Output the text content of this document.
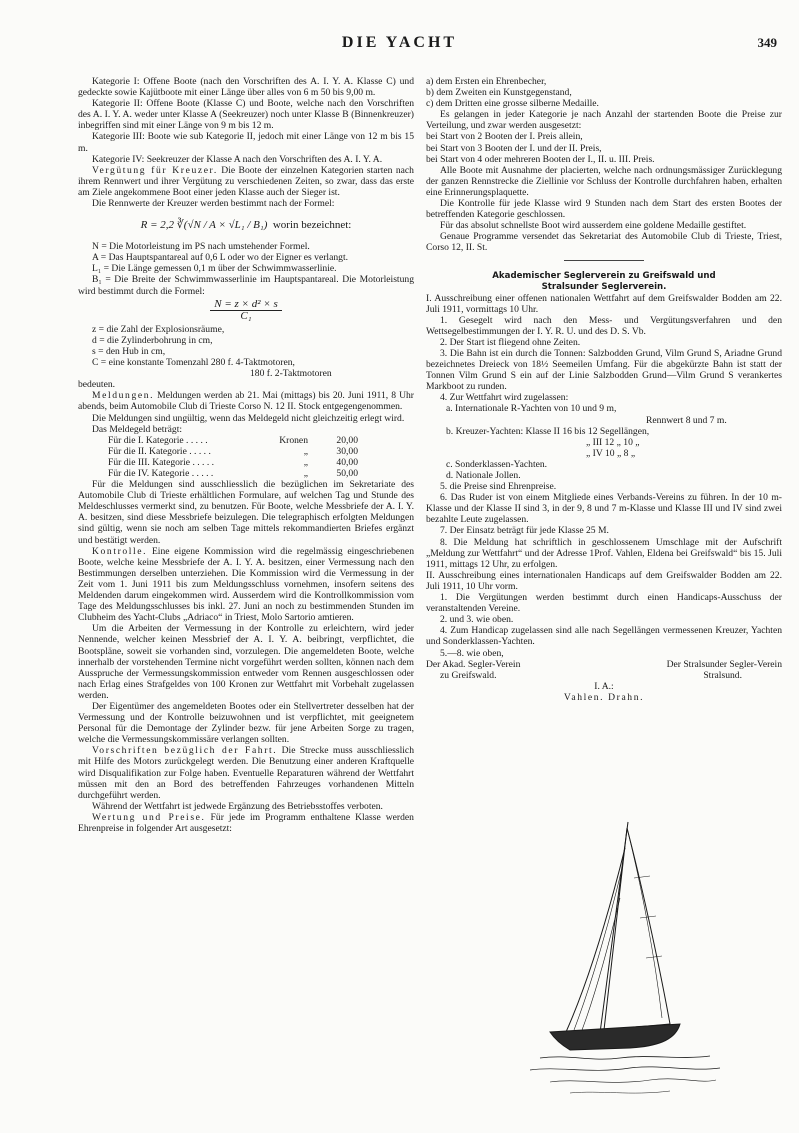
DIE YACHT	349

Kategorie I: Offene Boote (nach den Vorschriften des A. I. Y. A. Klasse C) und gedeckte sowie Kajütboote mit einer Länge über alles von 6 m 50 bis 9,00 m.

Kategorie II: Offene Boote (Klasse C) und Boote, welche nach den Vorschriften des A. I. Y. A. weder unter Klasse A (Seekreuzer) noch unter Klasse B (Binnenkreuzer) inbegriffen sind mit einer Länge von 9 m bis 12 m.

Kategorie III: Boote wie sub Kategorie II, jedoch mit einer Länge von 12 m bis 15 m.

Kategorie IV: Seekreuzer der Klasse A nach den Vorschriften des A. I. Y. A.

Vergütung für Kreuzer. Die Boote der einzelnen Kategorien starten nach ihrem Rennwert und ihrer Vergütung zu verschiedenen Zeiten, so zwar, dass das erste am Ziele angekommene Boot einer jeden Klasse auch der Sieger ist.

Die Rennwerte der Kreuzer werden bestimmt nach der Formel:

R = 2,2 ∛(√N / A × √L₁ / B₁) worin bezeichnet:

N = Die Motorleistung im PS nach umstehender Formel.

A = Das Hauptspantareal auf 0,6 L oder wo der Eigner es verlangt.

L₁ = Die Länge gemessen 0,1 m über der Schwimmwasserlinie.

B₁ = Die Breite der Schwimmwasserlinie im Hauptspantareal. Die Motorleistung wird bestimmt durch die Formel:

$\frac{\text{N = z × d² × s}}{\text{C₁}}$

z = die Zahl der Explosionsräume,

d = die Zylinderbohrung in cm,

s = den Hub in cm,

C = eine konstante Tomenzahl 280 f. 4-Taktmotoren,

180 f. 2-Taktmotoren

bedeuten.

Meldungen. Meldungen werden ab 21. Mai (mittags) bis 20. Juni 1911, 8 Uhr abends, beim Automobile Club di Trieste Corso N. 12 II. Stock entgegengenommen.

Die Meldungen sind ungültig, wenn das Meldegeld nicht gleichzeitig erlegt wird.

Das Meldegeld beträgt:

Für die I. Kategorie . . . . .	Kronen	20,00
Für die II. Kategorie . . . . .	„	30,00
Für die III. Kategorie . . . . .	„	40,00
Für die IV. Kategorie . . . . .	„	50,00

Für die Meldungen sind ausschliesslich die bezüglichen im Sekretariate des Automobile Club di Trieste erhältlichen Formulare, auf welchen Tag und Stunde des Meldeschlusses vermerkt sind, zu benutzen. Für Boote, welche Messbriefe der A. I. Y. A. besitzen, sind diese Messbriefe beizulegen. Die telegraphisch erfolgten Meldungen sind gültig, wenn sie noch am selben Tage mittels rekommandierten Briefes ergänzt und bestätigt werden.

Kontrolle. Eine eigene Kommission wird die regelmässig eingeschriebenen Boote, welche keine Messbriefe der A. I. Y. A. besitzen, einer Vermessung nach den Bestimmungen derselben unterziehen. Die Kommission wird die Vermessung in der Zeit vom 1. Juni 1911 bis zum Meldungsschluss vornehmen, insofern seitens des Meldenden darum eingekommen wird. Ausserdem wird die Kontrollkommission vom Tage des Meldungsschlusses bis inkl. 27. Juni an noch zu bestimmenden Stunden im Clubheim des Yacht-Clubs „Adriaco“ in Triest, Molo Sartorio amtieren.

Um die Arbeiten der Vermessung in der Kontrolle zu erleichtern, wird jeder Nennende, welcher keinen Messbrief der A. I. Y. A. beibringt, verpflichtet, die Bootspläne, soweit sie vorhanden sind, vorzulegen. Die angemeldeten Boote, welche innerhalb der vorstehenden Termine nicht vorgeführt werden sollten, können nach dem Ausspruche der Vermessungskommission entweder vom Rennen ausgeschlossen oder nach Erlag eines Strafgeldes von 100 Kronen zur Wettfahrt mit Vorbehalt zugelassen werden.

Der Eigentümer des angemeldeten Bootes oder ein Stellvertreter desselben hat der Vermessung und der Kontrolle beizuwohnen und ist verpflichtet, mit geeignetem Personal für die Demontage der Zylinder bezw. für jene Arbeiten Sorge zu tragen, welche die Vermessungskommissäre verlangen sollten.

Vorschriften bezüglich der Fahrt. Die Strecke muss ausschliesslich mit Hilfe des Motors zurückgelegt werden. Die Benutzung einer anderen Kraftquelle wird Disqualifikation zur Folge haben. Eventuelle Reparaturen während der Wettfahrt müssen mit den an Bord des betreffenden Fahrzeuges vorhandenen Mitteln durchgeführt werden.

Während der Wettfahrt ist jedwede Ergänzung des Betriebsstoffes verboten.

Wertung und Preise. Für jede im Programm enthaltene Klasse werden Ehrenpreise in folgender Art ausgesetzt:

a) dem Ersten ein Ehrenbecher,

b) dem Zweiten ein Kunstgegenstand,

c) dem Dritten eine grosse silberne Medaille.

Es gelangen in jeder Kategorie je nach Anzahl der startenden Boote die Preise zur Verteilung, und zwar werden ausgesetzt:

bei Start von 2 Booten der I. Preis allein,

bei Start von 3 Booten der I. und der II. Preis,

bei Start von 4 oder mehreren Booten der I., II. u. III. Preis.

Alle Boote mit Ausnahme der placierten, welche nach ordnungsmässiger Zurücklegung der ganzen Rennstrecke die Ziellinie vor Schluss der Kontrolle durchfahren haben, erhalten eine Erinnerungsplaquette.

Die Kontrolle für jede Klasse wird 9 Stunden nach dem Start des ersten Bootes der betreffenden Kategorie geschlossen.

Für das absolut schnellste Boot wird ausserdem eine goldene Medaille gestiftet.

Genaue Programme versendet das Sekretariat des Automobile Club di Trieste, Triest, Corso 12, II. St.

Akademischer Seglerverein zu Greifswald und
Stralsunder Seglerverein.

I. Ausschreibung einer offenen nationalen Wettfahrt auf dem Greifswalder Bodden am 22. Juli 1911, vormittags 10 Uhr.

1. Gesegelt wird nach den Mess- und Vergütungsverfahren und den Wettsegelbestimmungen der I. Y. R. U. und des D. S. Vb.

2. Der Start ist fliegend ohne Zeiten.

3. Die Bahn ist ein durch die Tonnen: Salzbodden Grund, Vilm Grund S, Ariadne Grund bezeichnetes Dreieck von 18½ Seemeilen Umfang. Für die abgekürzte Bahn ist statt der Tonnen Vilm Grund S ein auf der Linie Salzbodden Grund—Vilm Grund S verankertes Markboot zu runden.

4. Zur Wettfahrt wird zugelassen:

a. Internationale R-Yachten von 10 und 9 m,

Rennwert 8 und 7 m.

b. Kreuzer-Yachten: Klasse II 16 bis 12 Segellängen,

„ III 12 „ 10 „

„ IV 10 „ 8 „

c. Sonderklassen-Yachten.

d. Nationale Jollen.

5. die Preise sind Ehrenpreise.

6. Das Ruder ist von einem Mitgliede eines Verbands-Vereins zu führen. In der 10 m-Klasse und der Klasse II sind 3, in der 9, 8 und 7 m-Klasse und Klasse III und IV sind zwei bezahlte Leute zugelassen.

7. Der Einsatz beträgt für jede Klasse 25 M.

8. Die Meldung hat schriftlich in geschlossenem Umschlage mit der Aufschrift „Meldung zur Wettfahrt“ und der Adresse 1Prof. Vahlen, Eldena bei Greifswald“ bis 15. Juli 1911, mittags 12 Uhr, zu erfolgen.

II. Ausschreibung eines internationalen Handicaps auf dem Greifswalder Bodden am 22. Juli 1911, 10 Uhr vorm.

1. Die Vergütungen werden bestimmt durch einen Handicaps-Ausschuss der veranstaltenden Vereine.

2. und 3. wie oben.

4. Zum Handicap zugelassen sind alle nach Segellängen vermessenen Kreuzer, Yachten und Sonderklassen-Yachten.

5.—8. wie oben,

Der Akad. Segler-Verein	Der Stralsunder Segler-Verein
zu Greifswald.	Stralsund.

I. A.:

Vahlen. Drahn.
